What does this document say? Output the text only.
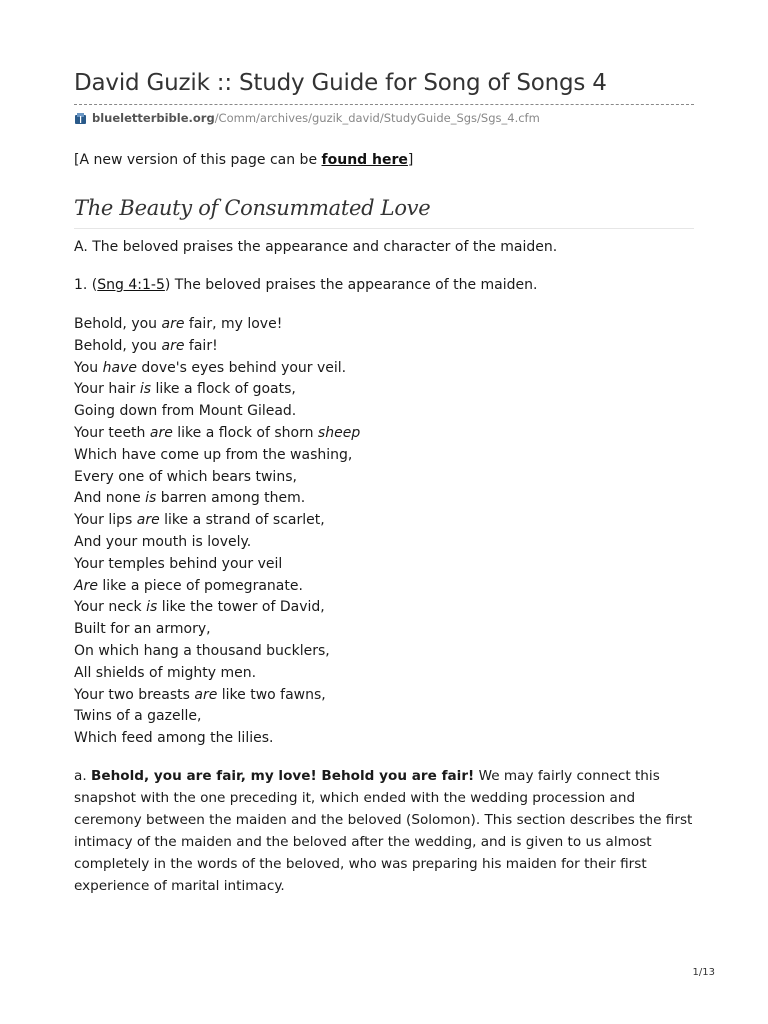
David Guzik :: Study Guide for Song of Songs 4
blueletterbible.org /Comm/archives/guzik_david/StudyGuide_Sgs/Sgs_4.cfm

[A new version of this page can be found here]

The Beauty of Consummated Love

A. The beloved praises the appearance and character of the maiden.

1. (Sng 4:1-5) The beloved praises the appearance of the maiden.

Behold, you are fair, my love!
Behold, you are fair!
You have dove's eyes behind your veil.
Your hair is like a flock of goats,
Going down from Mount Gilead.
Your teeth are like a flock of shorn sheep
Which have come up from the washing,
Every one of which bears twins,
And none is barren among them.
Your lips are like a strand of scarlet,
And your mouth is lovely.
Your temples behind your veil
Are like a piece of pomegranate.
Your neck is like the tower of David,
Built for an armory,
On which hang a thousand bucklers,
All shields of mighty men.
Your two breasts are like two fawns,
Twins of a gazelle,
Which feed among the lilies.

a. Behold, you are fair, my love! Behold you are fair! We may fairly connect this snapshot with the one preceding it, which ended with the wedding procession and ceremony between the maiden and the beloved (Solomon). This section describes the first intimacy of the maiden and the beloved after the wedding, and is given to us almost completely in the words of the beloved, who was preparing his maiden for their first experience of marital intimacy.

1/13
